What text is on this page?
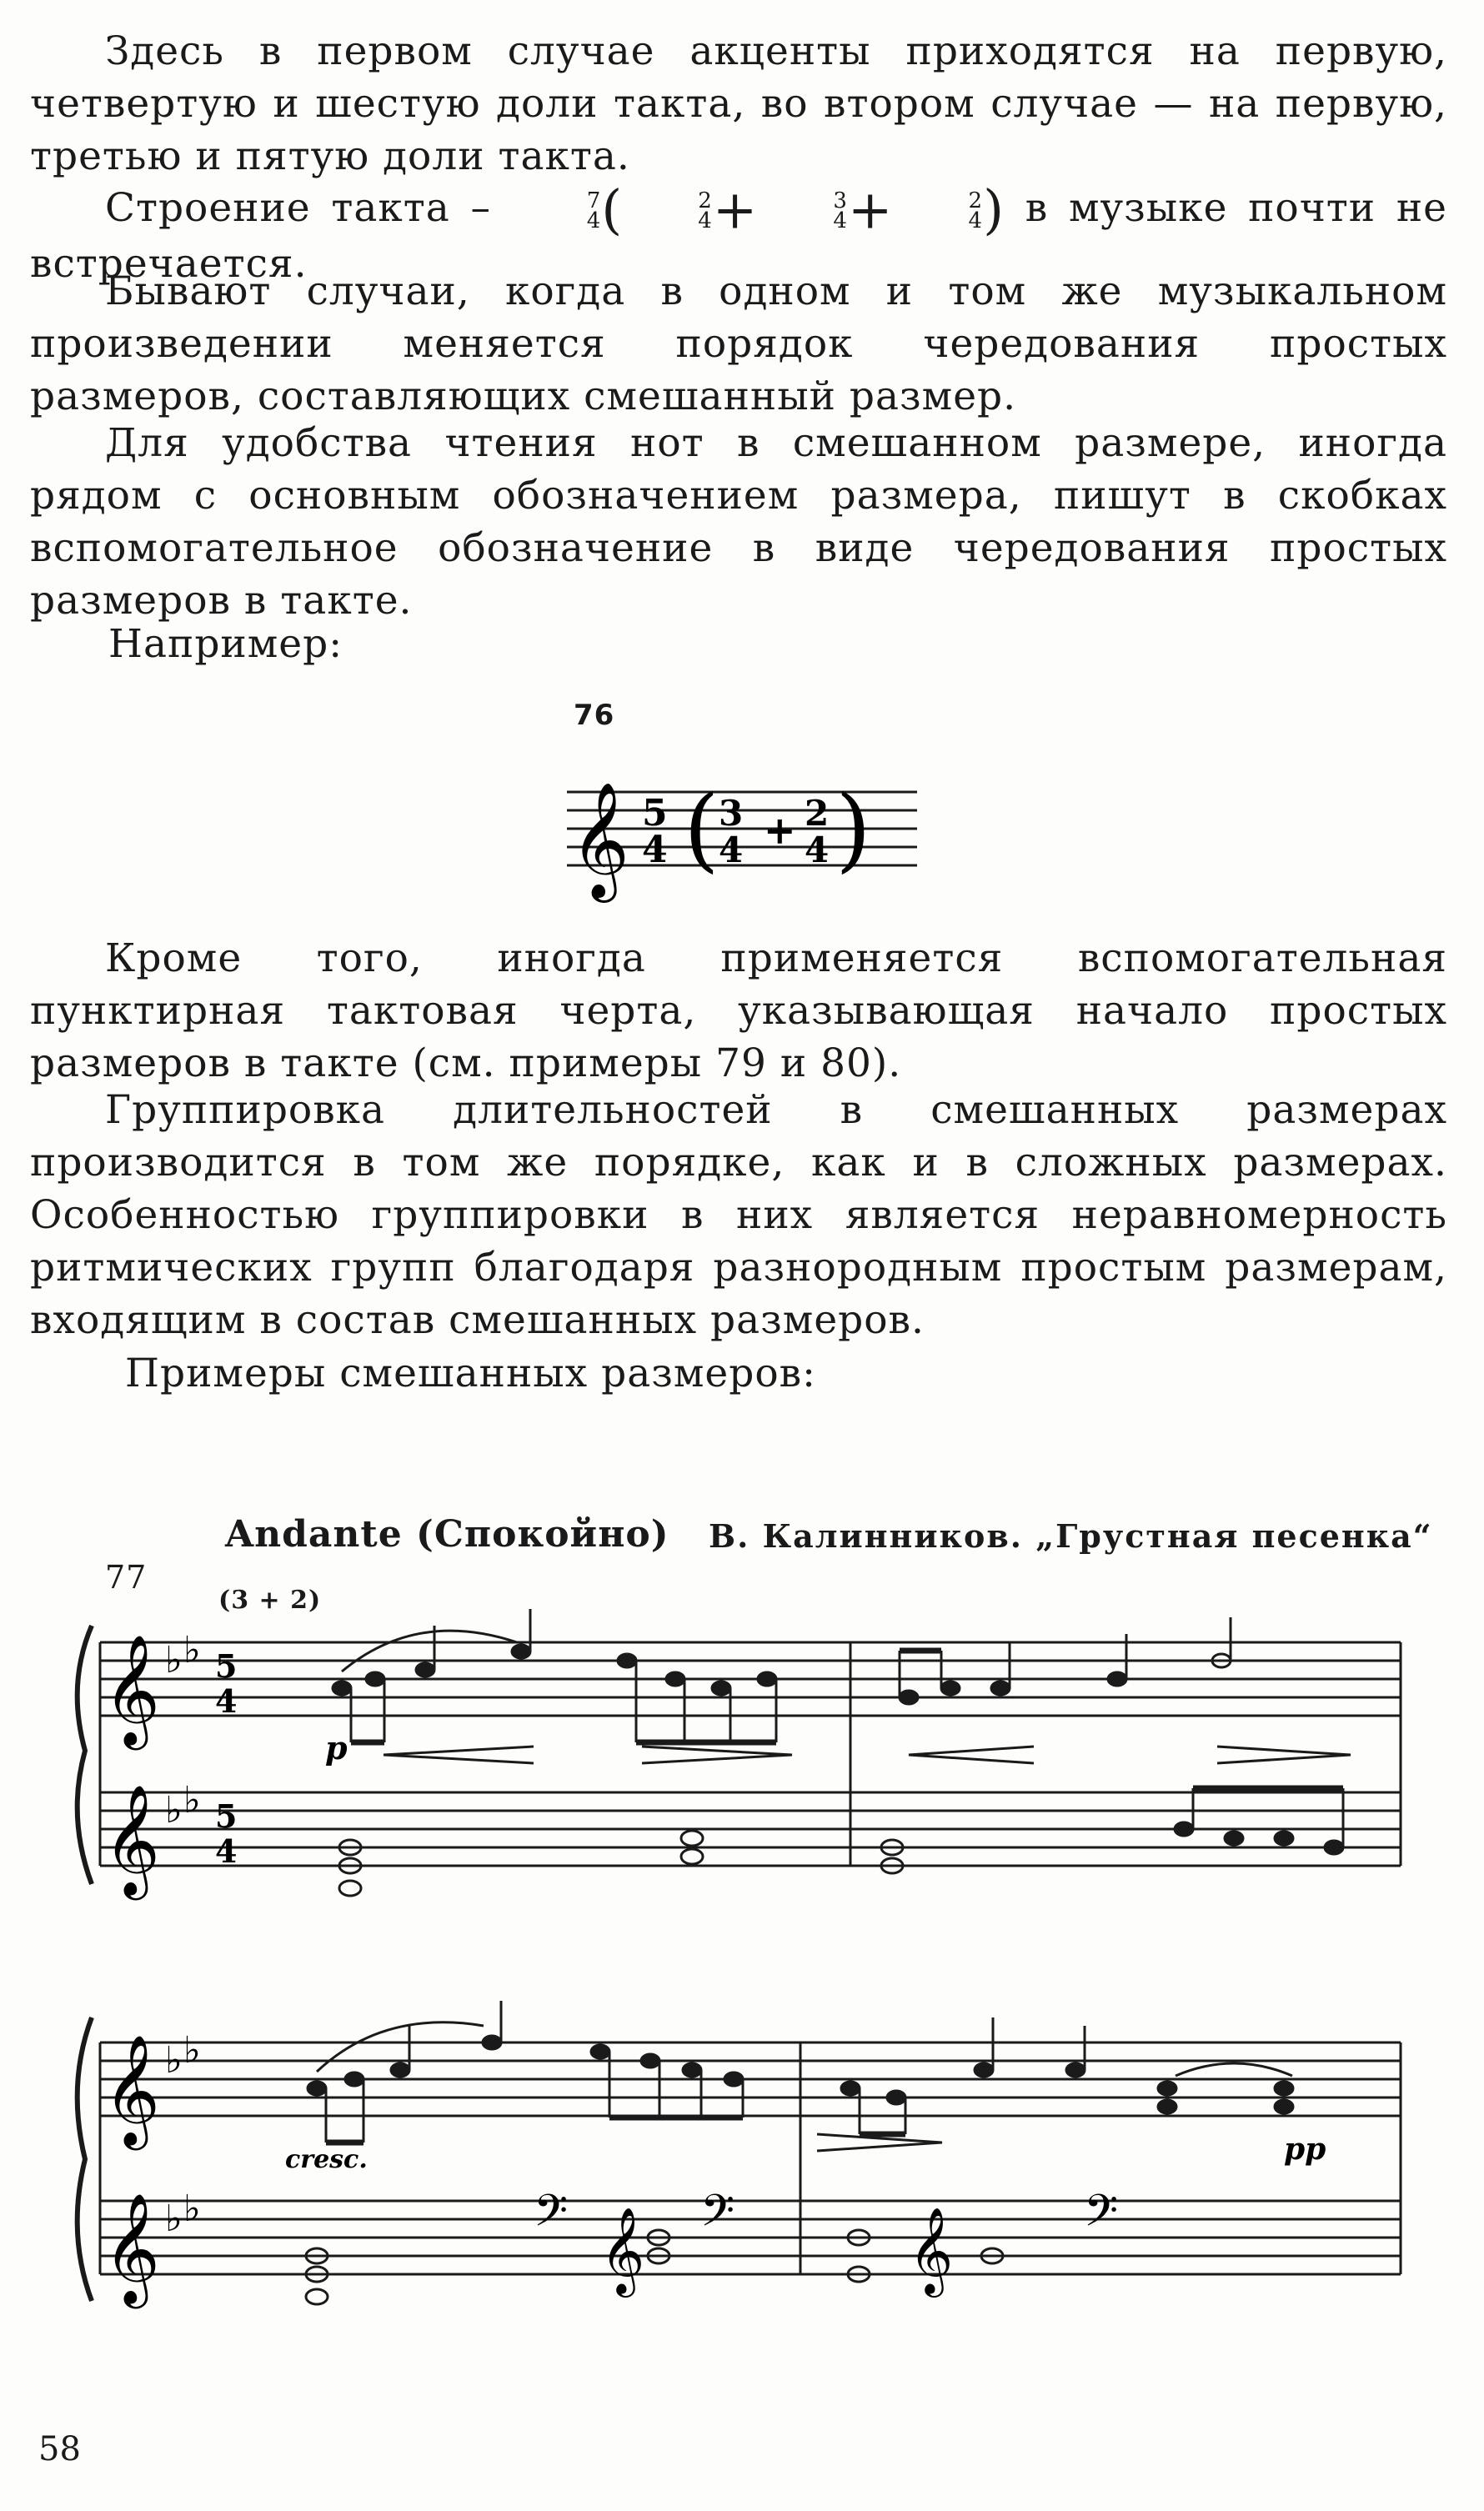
Здесь в первом случае акценты приходятся на первую, четвертую и шестую доли такта, во втором случае — на первую, третью и пятую доли такта.

Строение такта –	7
4 (	2
4 +	3
4 +	2
4 ) в музыке почти не встречается.

Бывают случаи, когда в одном и том же музыкальном произведении меняется порядок чередования простых размеров, составляющих смешанный размер.

Для удобства чтения нот в смешанном размере, иногда рядом с основным обозначением размера, пишут в скобках вспомогательное обозначение в виде чередования простых размеров в такте.

Например:
76
𝄞 5
4 ( 3
4 + 2
4 )

Кроме того, иногда применяется вспомогательная пунктирная тактовая черта, указывающая начало простых размеров в такте (см. примеры 79 и 80).

Группировка длительностей в смешанных размерах производится в том же порядке, как и в сложных размерах. Особенностью группировки в них является неравномерность ритмических групп благодаря разнородным простым размерам, входящим в состав смешанных размеров.

Примеры смешанных размеров:
Andante (Спокойно) В. Калинников. „Грустная песенка“
77
(3 + 2)
𝄞
𝄞
♭ ♭
♭ ♭
5
4
5
4
p
𝄞
𝄞
♭ ♭
♭ ♭
cresc.	pp
𝄢 𝄢	𝄢
𝄞	𝄞
58
